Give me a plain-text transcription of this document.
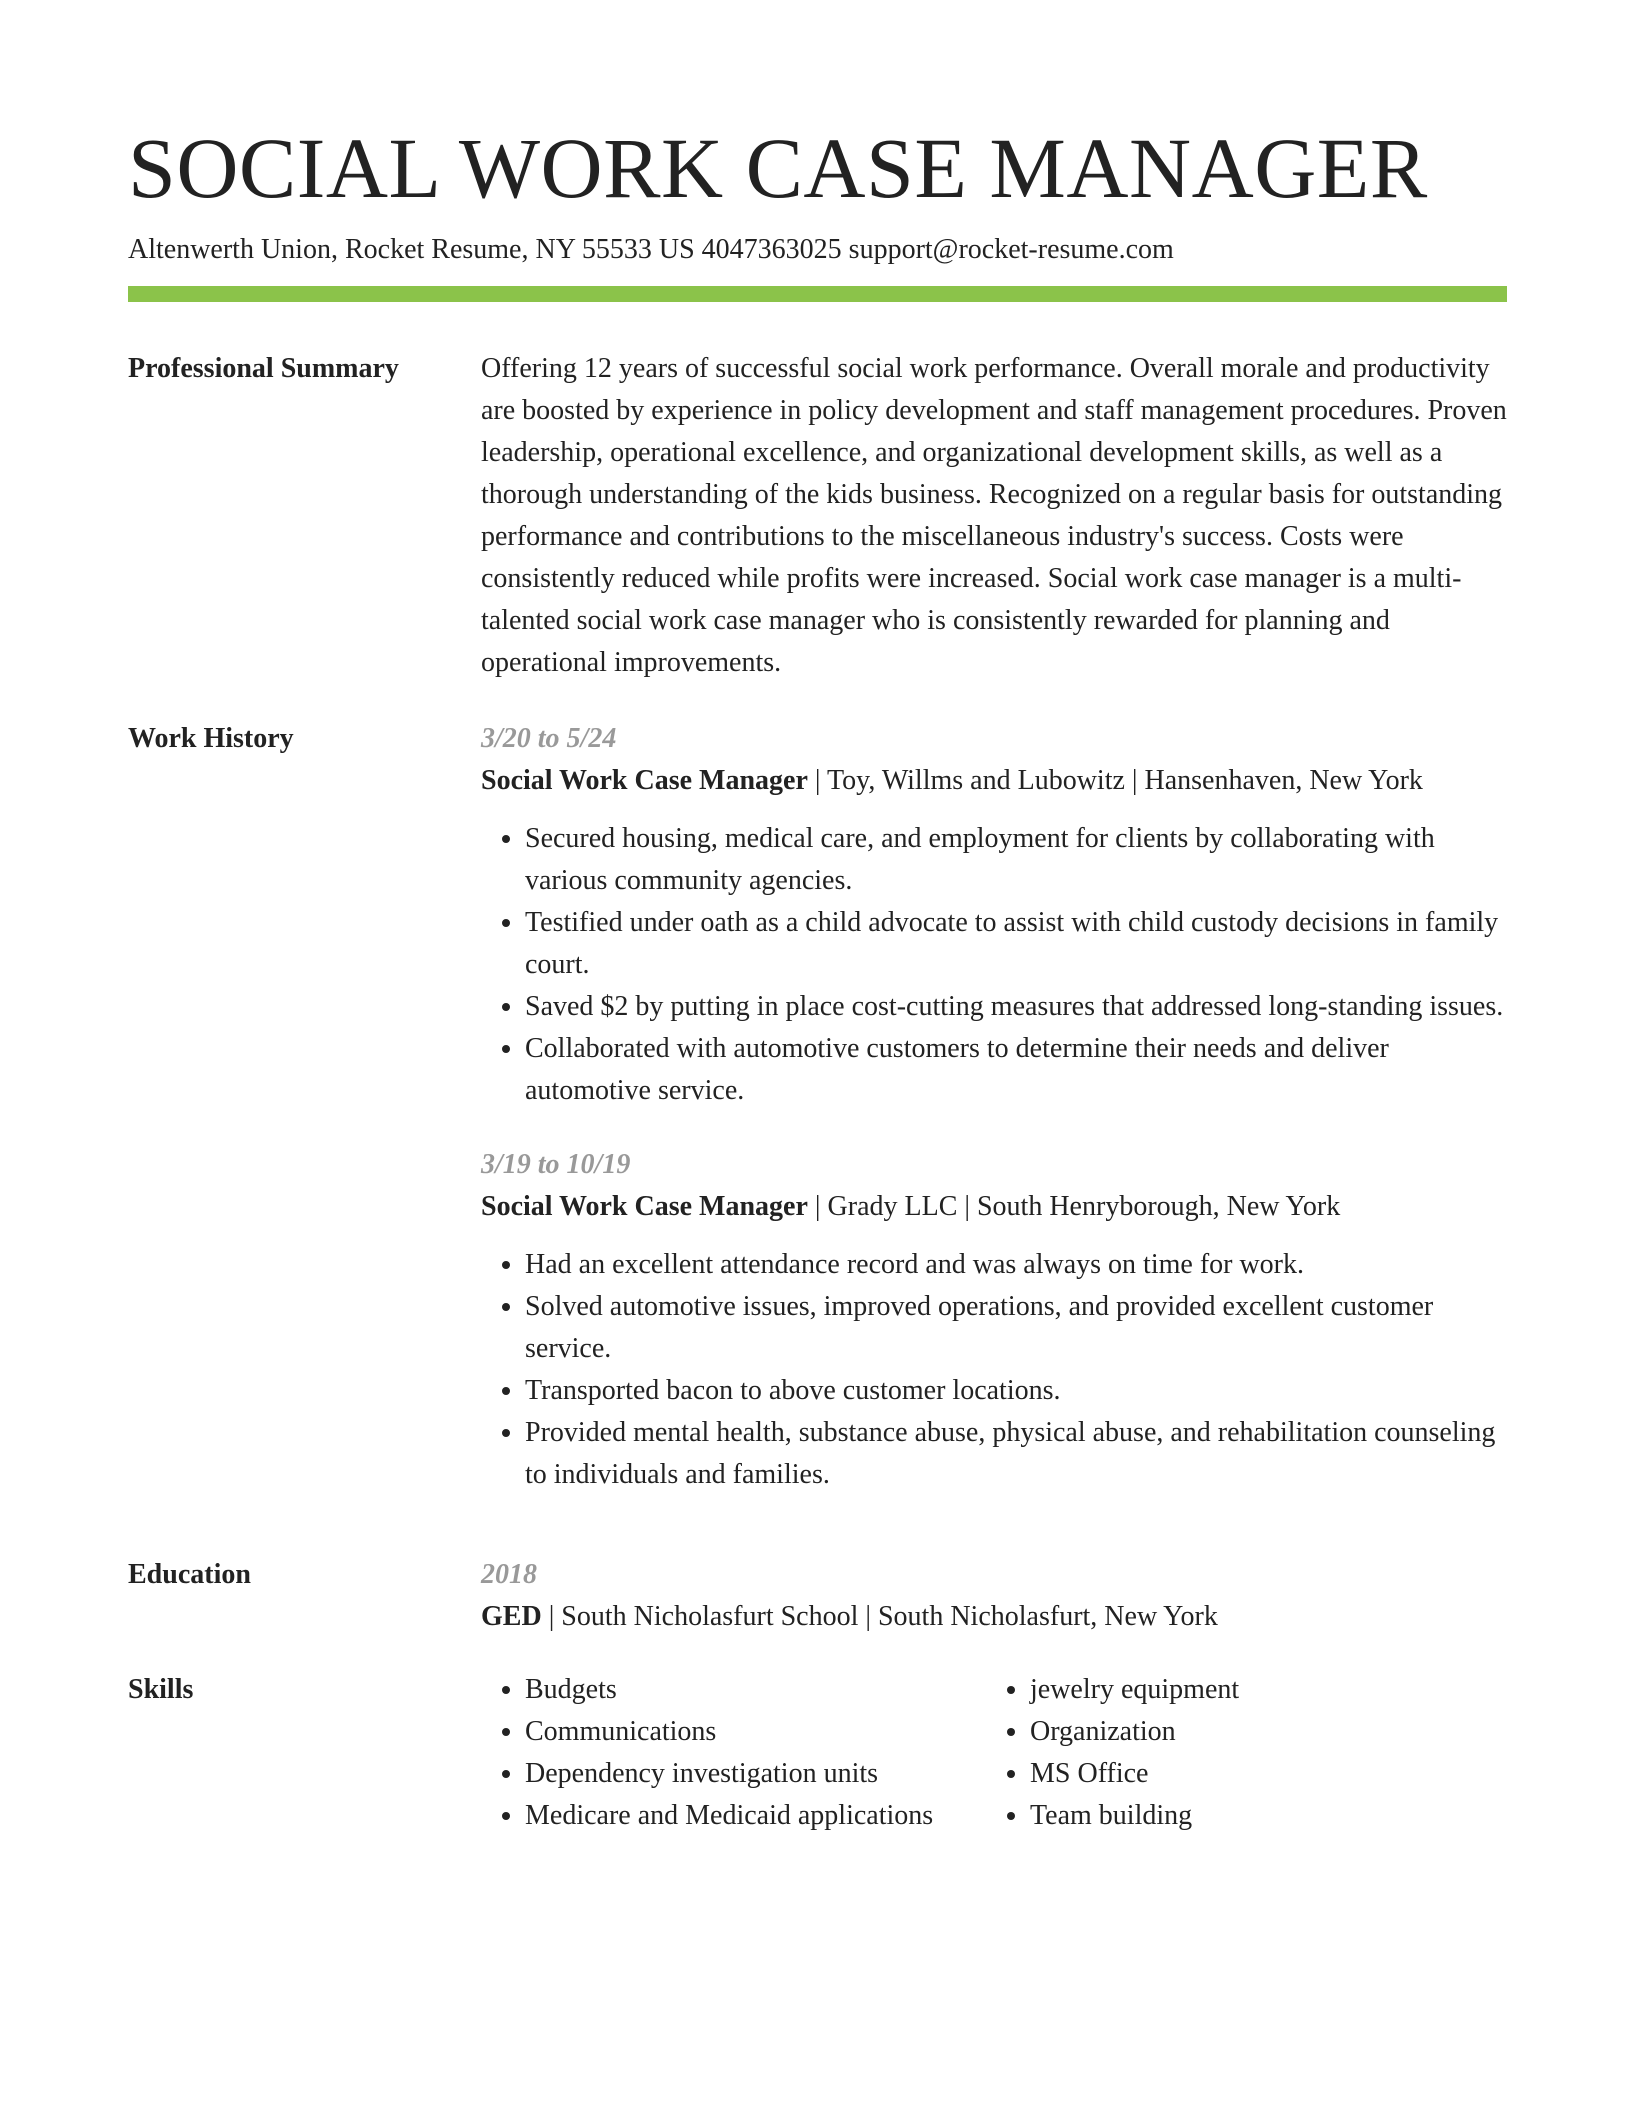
SOCIAL WORK CASE MANAGER
Altenwerth Union, Rocket Resume, NY 55533 US 4047363025 support@rocket-resume.com
Professional Summary	Offering 12 years of successful social work performance. Overall morale and productivity are boosted by experience in policy development and staff management procedures. Proven leadership, operational excellence, and organizational development skills, as well as a thorough understanding of the kids business. Recognized on a regular basis for outstanding performance and contributions to the miscellaneous industry's success. Costs were consistently reduced while profits were increased. Social work case manager is a multi-talented social work case manager who is consistently rewarded for planning and operational improvements.

Work History	3/20 to 5/24
Social Work Case Manager | Toy, Willms and Lubowitz | Hansenhaven, New York
• Secured housing, medical care, and employment for clients by collaborating with various community agencies.
• Testified under oath as a child advocate to assist with child custody decisions in family court.
• Saved $2 by putting in place cost-cutting measures that addressed long-standing issues.
• Collaborated with automotive customers to determine their needs and deliver automotive service.
3/19 to 10/19
Social Work Case Manager | Grady LLC | South Henryborough, New York
• Had an excellent attendance record and was always on time for work.
• Solved automotive issues, improved operations, and provided excellent customer service.
• Transported bacon to above customer locations.
• Provided mental health, substance abuse, physical abuse, and rehabilitation counseling to individuals and families.
Education	2018
GED | South Nicholasfurt School | South Nicholasfurt, New York
Skills
•	Budgets
• Communications
• Dependency investigation units
• Medicare and Medicaid applications
• jewelry equipment
• Organization
• MS Office
• Team building
